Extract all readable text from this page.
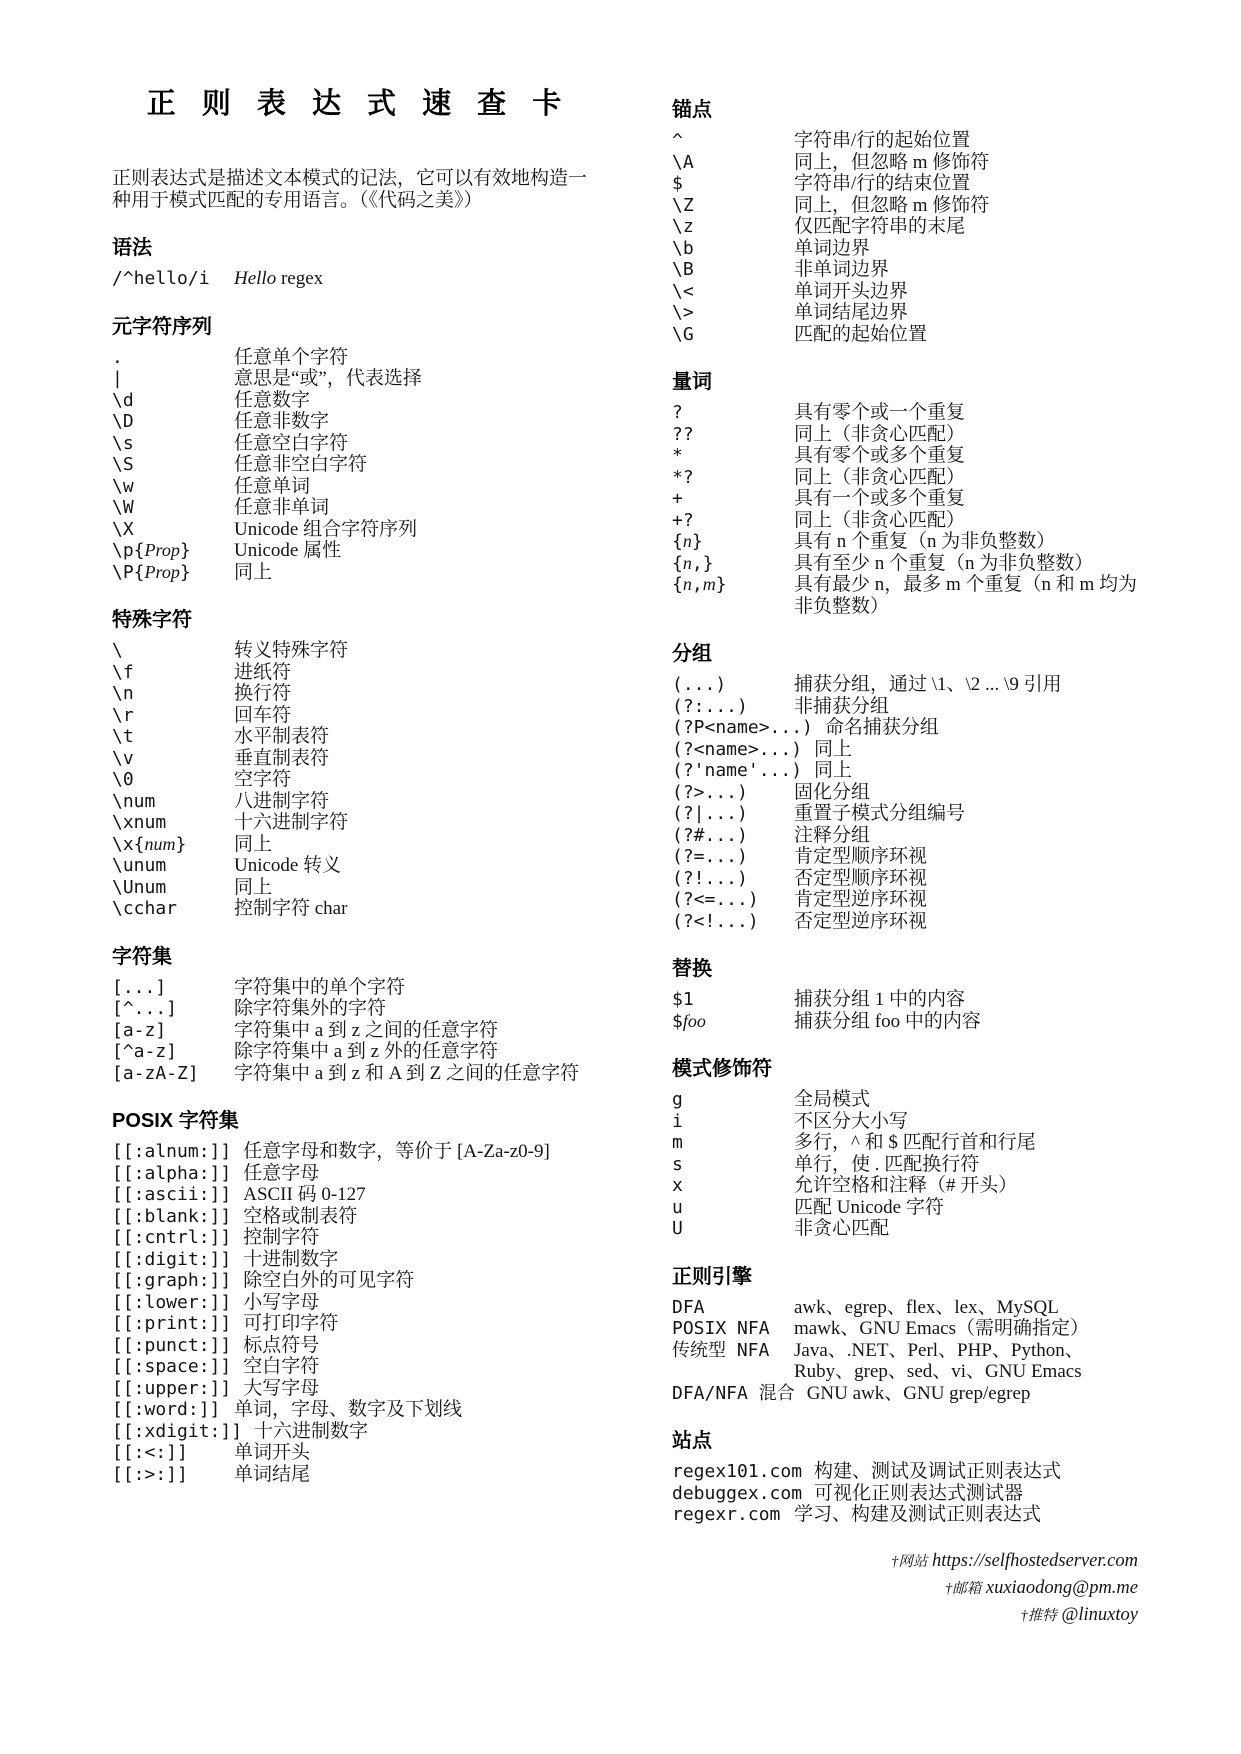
正 则 表 达 式 速 查 卡

正则表达式是描述文本模式的记法，它可以有效地构造一种用于模式匹配的专用语言。（《代码之美》）

语法
/^hello/i	Hello regex
元字符序列
.	任意单个字符
|	意思是“或”，代表选择
\d	任意数字
\D	任意非数字
\s	任意空白字符
\S	任意非空白字符
\w	任意单词
\W	任意非单词
\X	Unicode 组合字符序列
\p{Prop}	Unicode 属性
\P{Prop}	同上
特殊字符
\	转义特殊字符
\f	进纸符
\n	换行符
\r	回车符
\t	水平制表符
\v	垂直制表符
\0	空字符
\num	八进制字符
\xnum	十六进制字符
\x{num}	同上
\unum	Unicode 转义
\Unum	同上
\cchar	控制字符 char
字符集
[...]	字符集中的单个字符
[^...]	除字符集外的字符
[a-z]	字符集中 a 到 z 之间的任意字符
[^a-z]	除字符集中 a 到 z 外的任意字符
[a-zA-Z]	字符集中 a 到 z 和 A 到 Z 之间的任意字符
POSIX 字符集
[[:alnum:]] 任意字母和数字，等价于 [A-Za-z0-9]
[[:alpha:]] 任意字母
[[:ascii:]] ASCII 码 0-127
[[:blank:]] 空格或制表符
[[:cntrl:]] 控制字符
[[:digit:]] 十进制数字
[[:graph:]] 除空白外的可见字符
[[:lower:]] 小写字母
[[:print:]] 可打印字符
[[:punct:]] 标点符号
[[:space:]] 空白字符
[[:upper:]] 大写字母
[[:word:]] 单词，字母、数字及下划线
[[:xdigit:]] 十六进制数字
[[:<:]]	单词开头
[[:>:]]	单词结尾
锚点
^	字符串/行的起始位置
\A	同上，但忽略 m 修饰符
$	字符串/行的结束位置
\Z	同上，但忽略 m 修饰符
\z	仅匹配字符串的末尾
\b	单词边界
\B	非单词边界
\<	单词开头边界
\>	单词结尾边界
\G	匹配的起始位置
量词
?	具有零个或一个重复
??	同上（非贪心匹配）
*	具有零个或多个重复
*?	同上（非贪心匹配）
+	具有一个或多个重复
+?	同上（非贪心匹配）
{n}	具有 n 个重复（n 为非负整数）
{n,}	具有至少 n 个重复（n 为非负整数）
{n,m}	具有最少 n，最多 m 个重复（n 和 m 均为非负整数）
分组
(...)	捕获分组，通过 \1、\2 ... \9 引用
(?:...)	非捕获分组
(?P<name>...) 命名捕获分组
(?<name>...) 同上
(?'name'...) 同上
(?>...)	固化分组
(?|...)	重置子模式分组编号
(?#...)	注释分组
(?=...)	肯定型顺序环视
(?!...)	否定型顺序环视
(?<=...)	肯定型逆序环视
(?<!...)	否定型逆序环视
替换
$1	捕获分组 1 中的内容
$foo	捕获分组 foo 中的内容
模式修饰符
g	全局模式
i	不区分大小写
m	多行，^ 和 $ 匹配行首和行尾
s	单行，使 . 匹配换行符
x	允许空格和注释（# 开头）
u	匹配 Unicode 字符
U	非贪心匹配
正则引擎
DFA	awk、egrep、flex、lex、MySQL
POSIX NFA	mawk、GNU Emacs（需明确指定）
传统型 NFA	Java、.NET、Perl、PHP、Python、Ruby、grep、sed、vi、GNU Emacs
DFA/NFA 混合 GNU awk、GNU grep/egrep
站点
regex101.com 构建、测试及调试正则表达式
debuggex.com 可视化正则表达式测试器
regexr.com 学习、构建及测试正则表达式
†网站 https://selfhostedserver.com
†邮箱 xuxiaodong@pm.me
†推特 @linuxtoy
